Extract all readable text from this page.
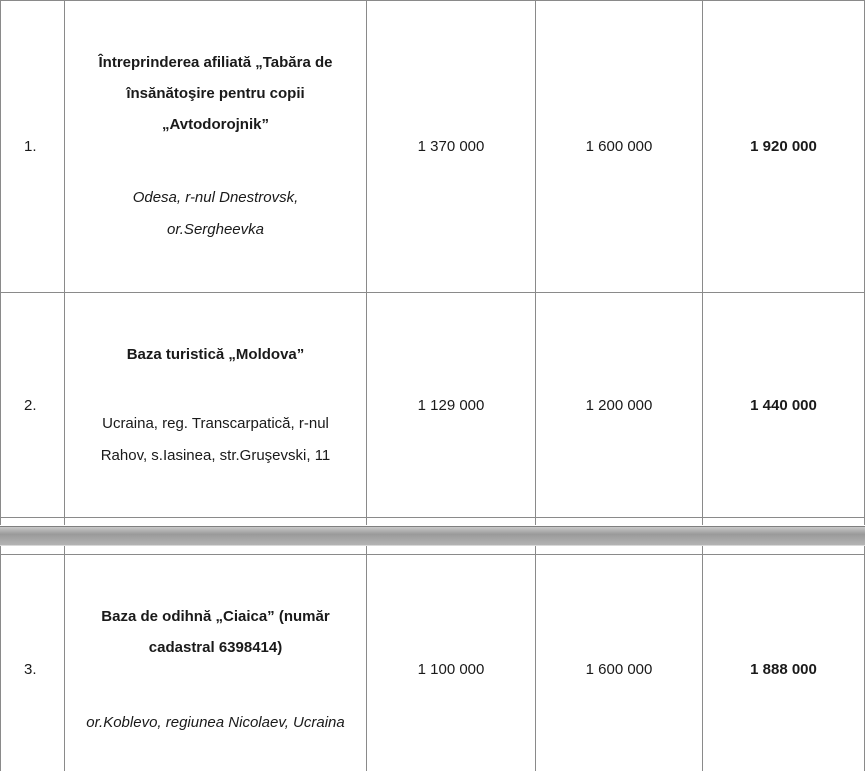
1.	Întreprinderea afiliată „Tabăra de
însănătoşire pentru copii
„Avtodorojnik”
Odesa, r-nul Dnestrovsk,
or.Sergheevka	1 370 000	1 600 000	1 920 000
2.	Baza turistică „Moldova”
Ucraina, reg. Transcarpatică, r-nul
Rahov, s.Iasinea, str.Gruşevski, 11	1 129 000	1 200 000	1 440 000

3.	Baza de odihnă „Ciaica” (număr
cadastral 6398414)
or.Koblevo, regiunea Nicolaev, Ucraina	1 100 000	1 600 000	1 888 000
